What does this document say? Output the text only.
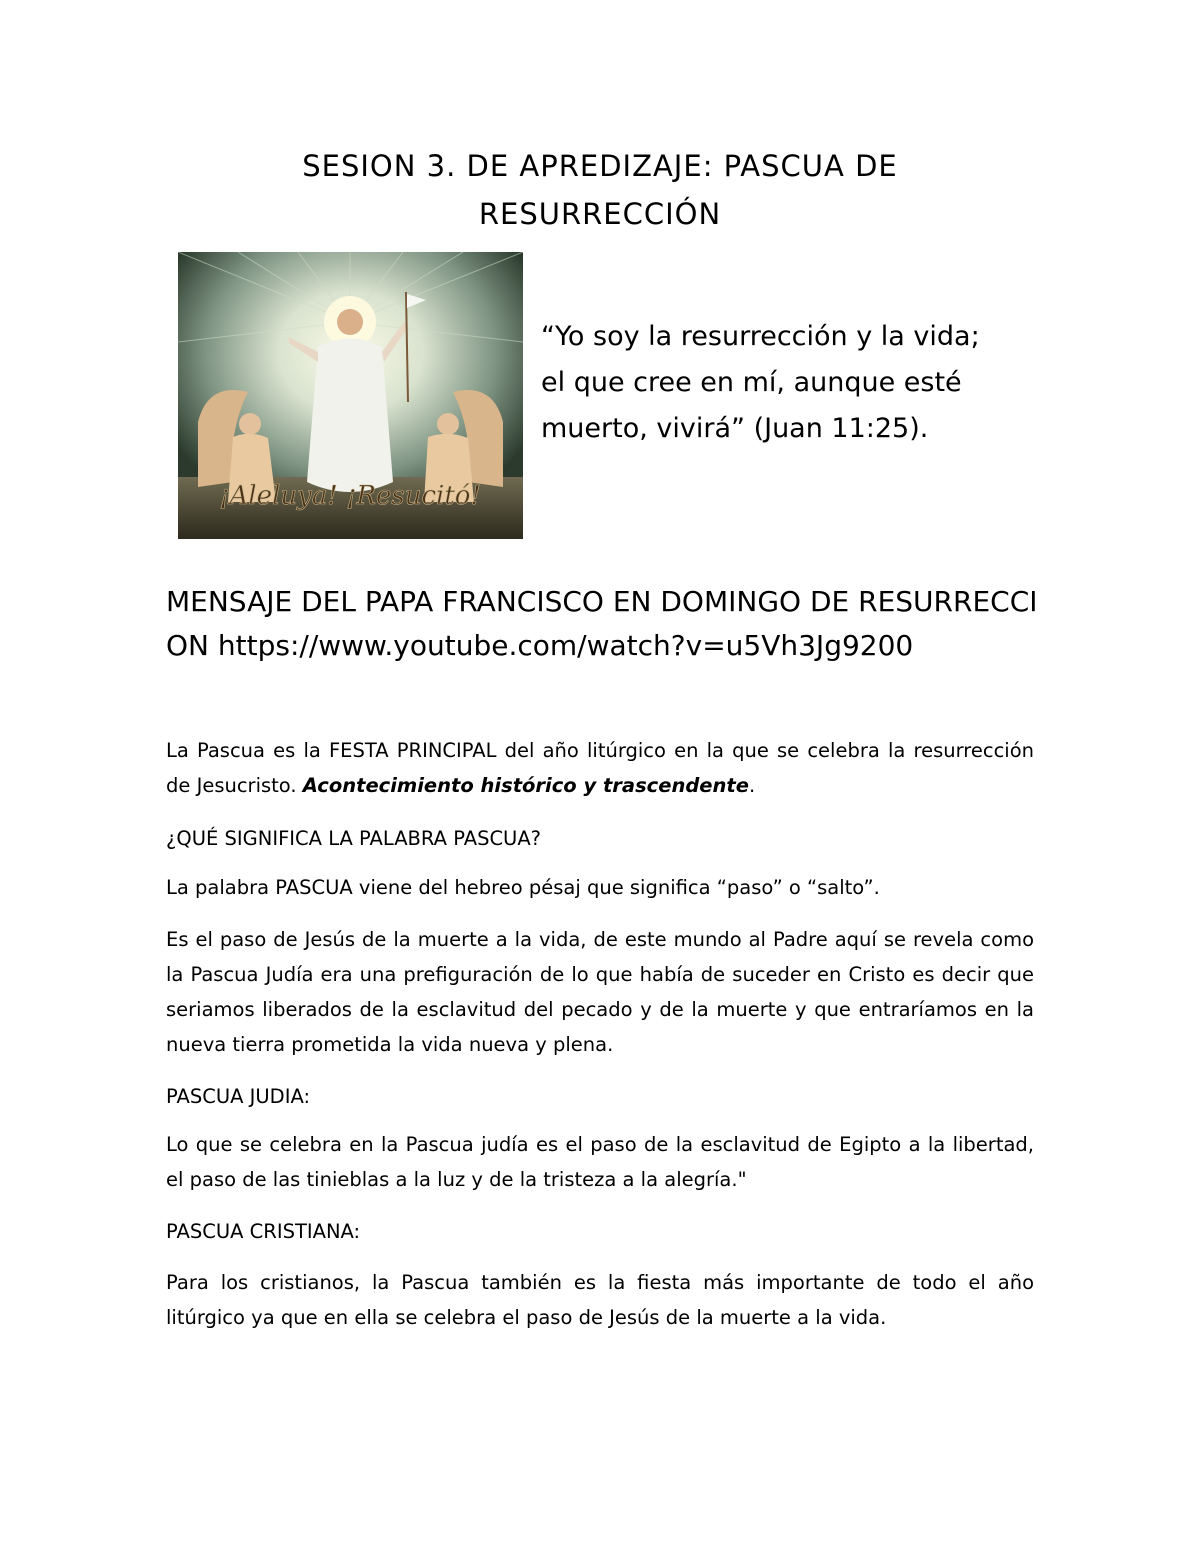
SESION 3. DE APREDIZAJE: PASCUA DE
RESURRECCIÓN
¡Aleluya! ¡Resucitó!

“Yo soy la resurrección y la vida;
el que cree en mí, aunque esté
muerto, vivirá” (Juan 11:25).

MENSAJE DEL PAPA FRANCISCO EN DOMINGO DE RESURRECCION https://www.youtube.com/watch?v=u5Vh3Jg9200

La Pascua es la FESTA PRINCIPAL del año litúrgico en la que se celebra la resurrección de Jesucristo. Acontecimiento histórico y trascendente.

¿QUÉ SIGNIFICA LA PALABRA PASCUA?

La palabra PASCUA viene del hebreo pésaj que significa “paso” o “salto”.

Es el paso de Jesús de la muerte a la vida, de este mundo al Padre aquí se revela como la Pascua Judía era una prefiguración de lo que había de suceder en Cristo es decir que seriamos liberados de la esclavitud del pecado y de la muerte y que entraríamos en la nueva tierra prometida la vida nueva y plena.

PASCUA JUDIA:

Lo que se celebra en la Pascua judía es el paso de la esclavitud de Egipto a la libertad, el paso de las tinieblas a la luz y de la tristeza a la alegría."

PASCUA CRISTIANA:

Para los cristianos, la Pascua también es la fiesta más importante de todo el año litúrgico ya que en ella se celebra el paso de Jesús de la muerte a la vida.
